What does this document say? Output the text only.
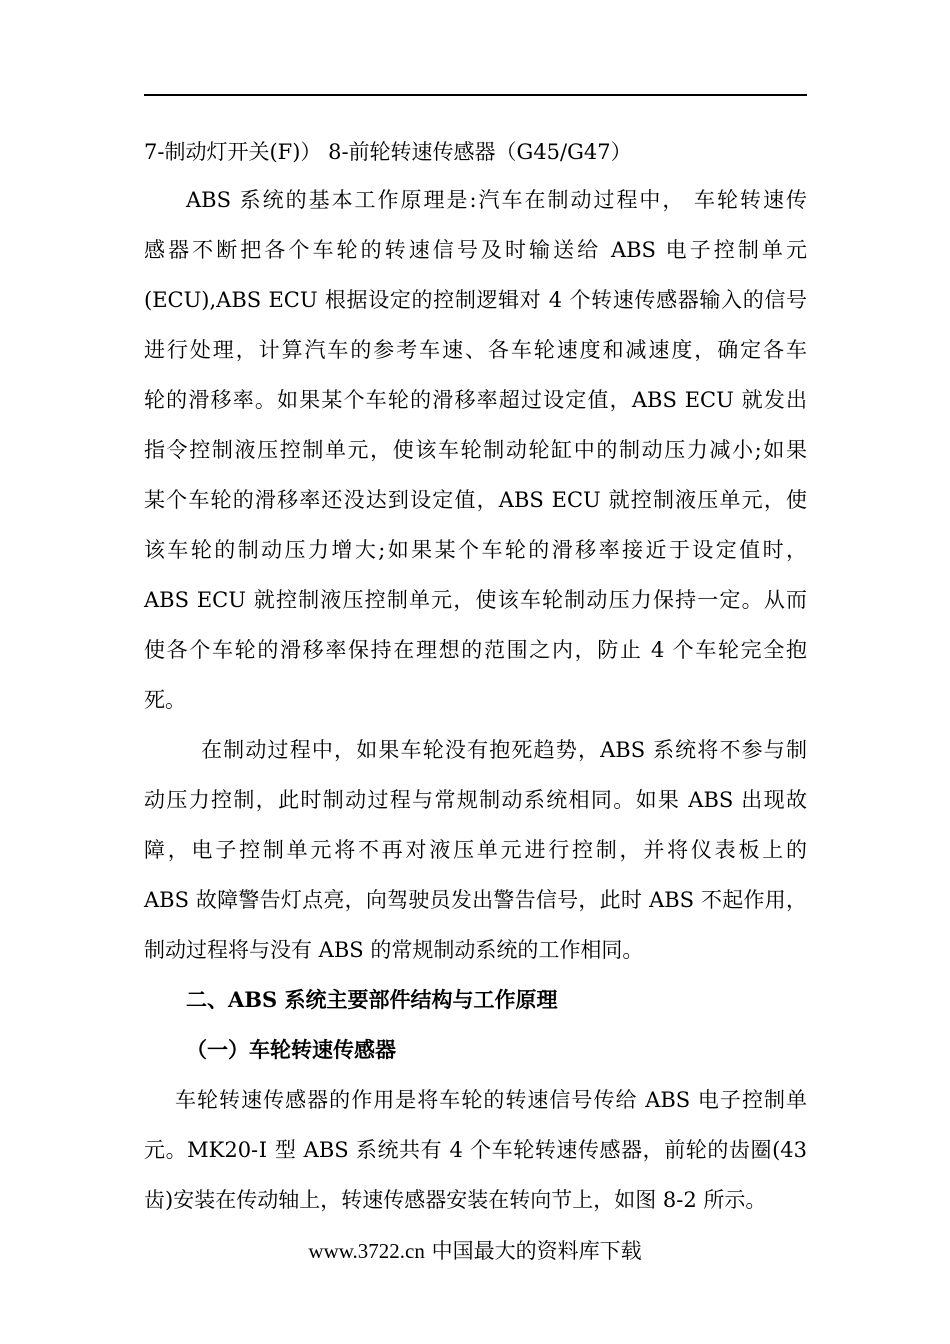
7-制动灯开关(F)） 8-前轮转速传感器（G45/G47）
ABS 系统的基本工作原理是:汽车在制动过程中， 车轮转速传
感器不断把各个车轮的转速信号及时输送给 ABS 电子控制单元
(ECU),ABS ECU 根据设定的控制逻辑对 4 个转速传感器输入的信号
进行处理，计算汽车的参考车速、各车轮速度和减速度，确定各车
轮的滑移率。如果某个车轮的滑移率超过设定值，ABS ECU 就发出
指令控制液压控制单元，使该车轮制动轮缸中的制动压力减小;如果
某个车轮的滑移率还没达到设定值，ABS ECU 就控制液压单元，使
该车轮的制动压力增大;如果某个车轮的滑移率接近于设定值时，
ABS ECU 就控制液压控制单元，使该车轮制动压力保持一定。从而
使各个车轮的滑移率保持在理想的范围之内，防止 4 个车轮完全抱
死。
在制动过程中，如果车轮没有抱死趋势，ABS 系统将不参与制
动压力控制，此时制动过程与常规制动系统相同。如果 ABS 出现故
障，电子控制单元将不再对液压单元进行控制，并将仪表板上的
ABS 故障警告灯点亮，向驾驶员发出警告信号，此时 ABS 不起作用，
制动过程将与没有 ABS 的常规制动系统的工作相同。
二、ABS 系统主要部件结构与工作原理
（一）车轮转速传感器
车轮转速传感器的作用是将车轮的转速信号传给 ABS 电子控制单
元。MK20-Ⅰ 型 ABS 系统共有 4 个车轮转速传感器，前轮的齿圈(43
齿)安装在传动轴上，转速传感器安装在转向节上，如图 8-2 所示。
www.3722.cn 中国最大的资料库下载
